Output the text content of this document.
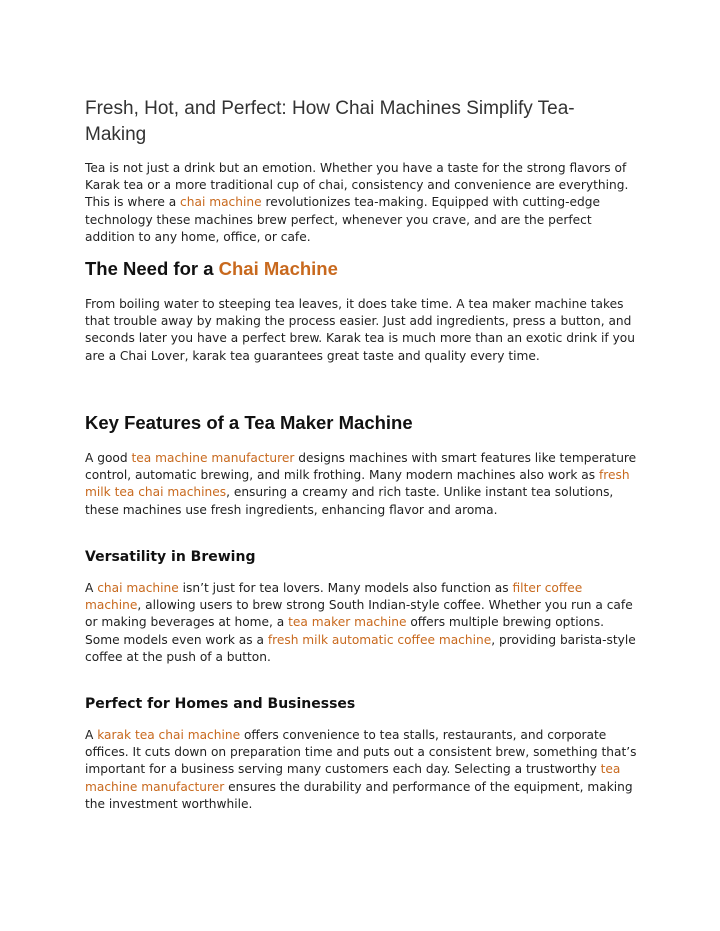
Fresh, Hot, and Perfect: How Chai Machines Simplify Tea-Making

Tea is not just a drink but an emotion. Whether you have a taste for the strong flavors of Karak tea or a more traditional cup of chai, consistency and convenience are everything. This is where a chai machine revolutionizes tea-making. Equipped with cutting-edge technology these machines brew perfect, whenever you crave, and are the perfect addition to any home, office, or cafe.

The Need for a Chai Machine

From boiling water to steeping tea leaves, it does take time. A tea maker machine takes that trouble away by making the process easier. Just add ingredients, press a button, and seconds later you have a perfect brew. Karak tea is much more than an exotic drink if you are a Chai Lover, karak tea guarantees great taste and quality every time.

Key Features of a Tea Maker Machine

A good tea machine manufacturer designs machines with smart features like temperature control, automatic brewing, and milk frothing. Many modern machines also work as fresh milk tea chai machines, ensuring a creamy and rich taste. Unlike instant tea solutions, these machines use fresh ingredients, enhancing flavor and aroma.

Versatility in Brewing

A chai machine isn’t just for tea lovers. Many models also function as filter coffee machine, allowing users to brew strong South Indian-style coffee. Whether you run a cafe or making beverages at home, a tea maker machine offers multiple brewing options. Some models even work as a fresh milk automatic coffee machine, providing barista-style coffee at the push of a button.

Perfect for Homes and Businesses

A karak tea chai machine offers convenience to tea stalls, restaurants, and corporate offices. It cuts down on preparation time and puts out a consistent brew, something that’s important for a business serving many customers each day. Selecting a trustworthy tea machine manufacturer ensures the durability and performance of the equipment, making the investment worthwhile.
